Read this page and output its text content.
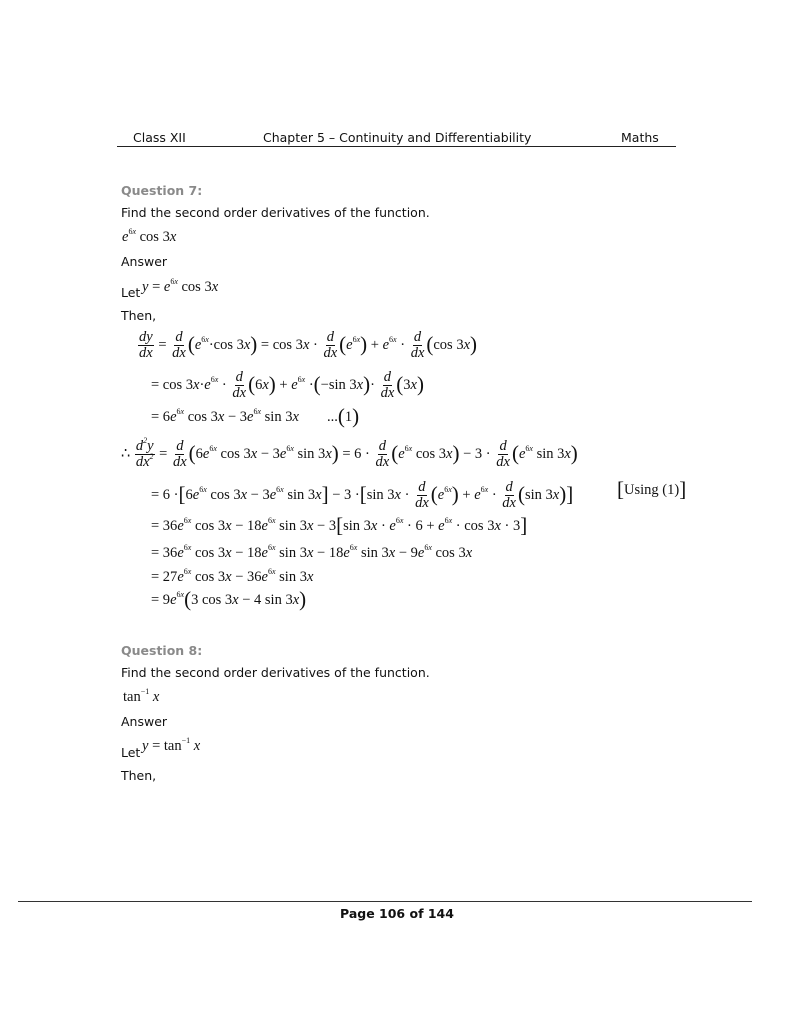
Class XII	Chapter 5 – Continuity and Differentiability	Maths
Question 7:
Find the second order derivatives of the function.
$e^{6x}$ cos 3x
Answer
Let $y = e^{6x}$ cos 3x
Then,
$\frac{dy}{dx} = \frac{d}{dx} (e^{6x}\cdot\cos$ $3x) = \cos 3x \cdot \frac{d}{dx} (e^{6x}) + e^{6x} \cdot \frac{d}{dx} (\cos$ 3x)
= $\cos 3x\cdot e^{6x} \cdot \frac{d}{dx} (6x) + e^{6x} \cdot(-\sin$ $3x)\cdot \frac{d}{dx} (3x)$
= $6e^{6x}$ $\cos 3x - 3e^{6x}$ sin 3x ...(1)
∴ $\frac{d^2y}{dx^2} = \frac{d}{dx} (6e^{6x}$ $\cos 3x - 3e^{6x}$ $\sin 3x) = 6 \cdot \frac{d}{dx} (e^{6x}$ $\cos 3x) - 3 \cdot \frac{d}{dx} (e^{6x}$ sin 3x)
= $6 \cdot[6e^{6x}$ $\cos 3x - 3e^{6x}$ sin 3x] − 3 ·[sin $3x \cdot \frac{d}{dx} (e^{6x}) + e^{6x} \cdot \frac{d}{dx} (\sin$ 3x)] [Using (1)]
= $36e^{6x}$ $\cos 3x - 18e^{6x}$ sin 3x − 3[sin $3x \cdot e^{6x} \cdot 6 + e^{6x} \cdot \cos 3x \cdot 3$]
= $36e^{6x}$ $\cos 3x - 18e^{6x}$ $\sin 3x - 18e^{6x}$ $\sin 3x - 9e^{6x}$ cos 3x
= $27e^{6x}$ $\cos 3x - 36e^{6x}$ sin 3x
= $9e^{6x}(3$ cos 3x − 4 sin 3x)
Question 8:
Find the second order derivatives of the function.
$\tan^{-1} x$
Answer
Let $y = \tan^{-1} x$
Then,
Page 106 of 144
